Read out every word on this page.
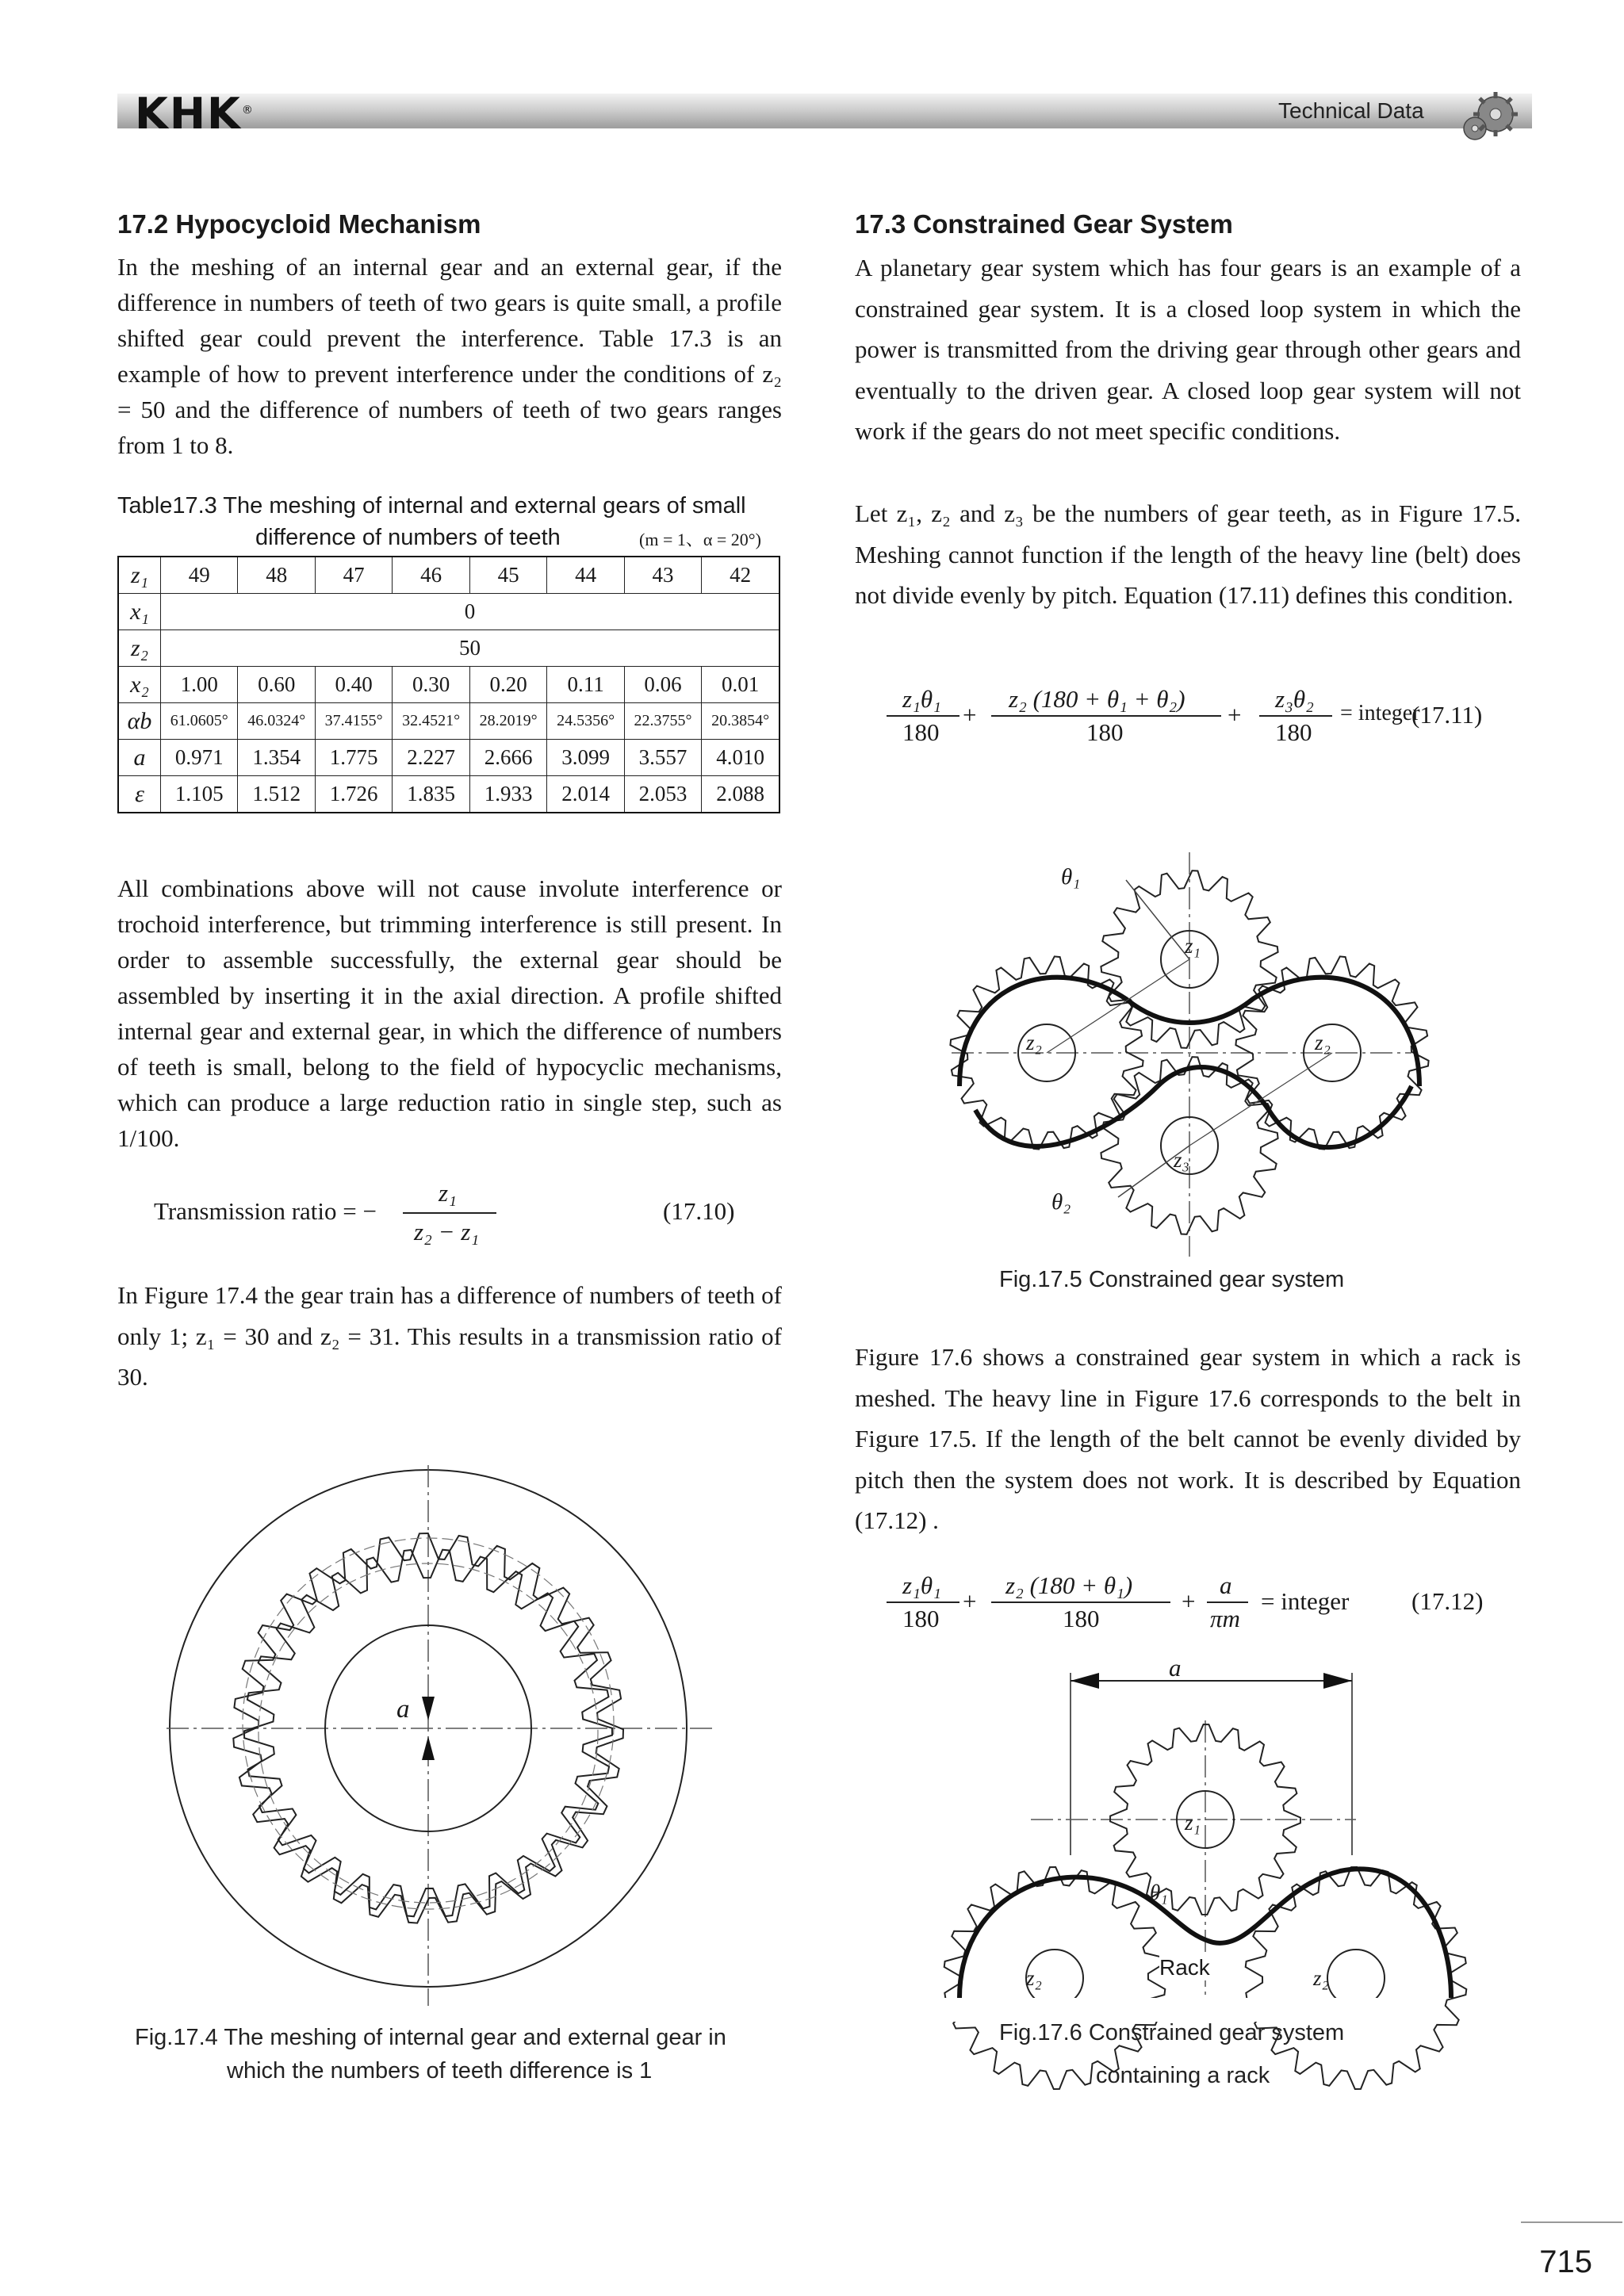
KHK®	Technical Data
17.2 Hypocycloid Mechanism
In the meshing of an internal gear and an external gear, if the difference in numbers of teeth of two gears is quite small, a profile shifted gear could prevent the interference. Table 17.3 is an example of how to prevent interference under the conditions of z₂ = 50 and the difference of numbers of teeth of two gears ranges from 1 to 8.
Table17.3 The meshing of internal and external gears of small
difference of numbers of teeth	(m = 1、α = 20°)
z₁	49	48	47	46	45	44	43	42
x₁	0							
z₂	50							
x₂	1.00	0.60	0.40	0.30	0.20	0.11	0.06	0.01
αb	61.0605°	46.0324°	37.4155°	32.4521°	28.2019°	24.5356°	22.3755°	20.3854°
a	0.971	1.354	1.775	2.227	2.666	3.099	3.557	4.010
ε	1.105	1.512	1.726	1.835	1.933	2.014	2.053	2.088
All combinations above will not cause involute interference or trochoid interference, but trimming interference is still present. In order to assemble successfully, the external gear should be assembled by inserting it in the axial direction. A profile shifted internal gear and external gear, in which the difference of numbers of teeth is small, belong to the field of hypocyclic mechanisms, which can produce a large reduction ratio in single step, such as 1/100.
Transmission ratio = −
z₁
z₂ − z₁
(17.10)
In Figure 17.4 the gear train has a difference of numbers of teeth of only 1; z₁ = 30 and z₂ = 31. This results in a transmission ratio of 30.
a
Fig.17.4 The meshing of internal gear and external gear in
which the numbers of teeth difference is 1
17.3 Constrained Gear System
A planetary gear system which has four gears is an example of a constrained gear system. It is a closed loop system in which the power is transmitted from the driving gear through other gears and eventually to the driven gear. A closed loop gear system will not work if the gears do not meet specific conditions.
Let z₁, z₂ and z₃ be the numbers of gear teeth, as in Figure 17.5. Meshing cannot function if the length of the heavy line (belt) does not divide evenly by pitch. Equation (17.11) defines this condition.
z₁θ₁
180
+
z₂ (180 + θ₁ + θ₂)
180
+
z₃θ₂
180
= integer
(17.11)
θ₁
z₁
z₂	z₂
z₃
θ₂
Fig.17.5 Constrained gear system
Figure 17.6 shows a constrained gear system in which a rack is meshed. The heavy line in Figure 17.6 corresponds to the belt in Figure 17.5. If the length of the belt cannot be evenly divided by pitch then the system does not work. It is described by Equation (17.12) .
z₁θ₁
180
+
z₂ (180 + θ₁)
180
+
a
πm
= integer	(17.12)
a
z₁
θ₁
Rack
z₂	z₂
Fig.17.6 Constrained gear system
containing a rack
715
